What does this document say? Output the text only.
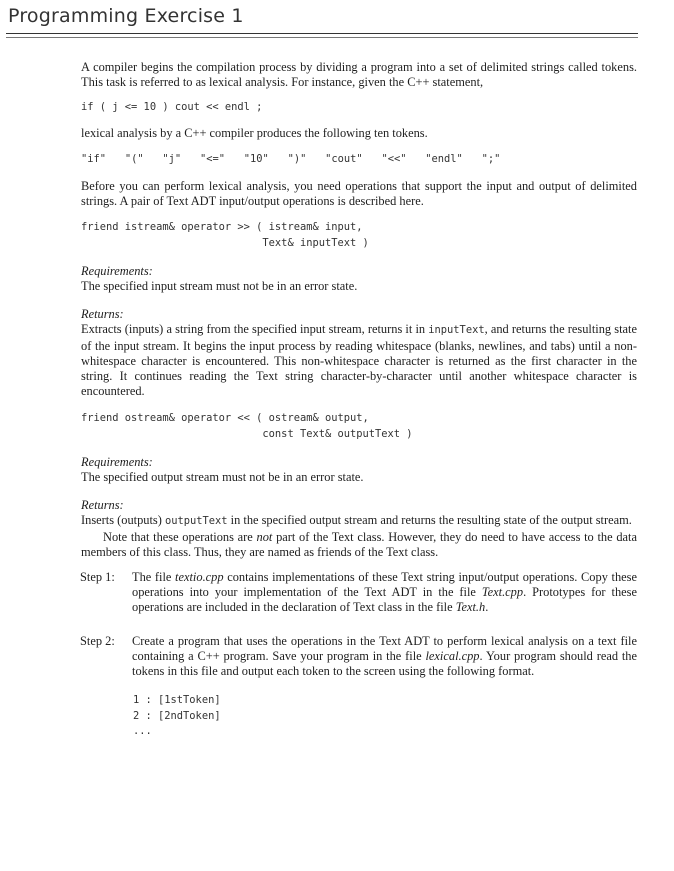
Programming Exercise 1

A compiler begins the compilation process by dividing a program into a set of delimited strings called tokens. This task is referred to as lexical analysis. For instance, given the C++ statement,

if ( j <= 10 ) cout << endl ;

lexical analysis by a C++ compiler produces the following ten tokens.

"if" "(" "j" "<=" "10" ")" "cout" "<<" "endl" ";"

Before you can perform lexical analysis, you need operations that support the input and output of delimited strings. A pair of Text ADT input/output operations is described here.

friend istream& operator >> ( istream& input,
Text& inputText )

Requirements:

The specified input stream must not be in an error state.

Returns:

Extracts (inputs) a string from the specified input stream, returns it in inputText, and returns the resulting state of the input stream. It begins the input process by reading whitespace (blanks, newlines, and tabs) until a non-whitespace character is encountered. This non-whitespace character is returned as the first character in the string. It continues reading the Text string character-by-character until another whitespace character is encountered.

friend ostream& operator << ( ostream& output,
const Text& outputText )

Requirements:

The specified output stream must not be in an error state.

Returns:

Inserts (outputs) outputText in the specified output stream and returns the resulting state of the output stream.

Note that these operations are not part of the Text class. However, they do need to have access to the data members of this class. Thus, they are named as friends of the Text class.

Step 1: The file textio.cpp contains implementations of these Text string input/output operations. Copy these operations into your implementation of the Text ADT in the file Text.cpp. Prototypes for these operations are included in the declaration of Text class in the file Text.h.

Step 2: Create a program that uses the operations in the Text ADT to perform lexical analysis on a text file containing a C++ program. Save your program in the file lexical.cpp. Your program should read the tokens in this file and output each token to the screen using the following format.

1 : [1stToken]
2 : [2ndToken]
...
